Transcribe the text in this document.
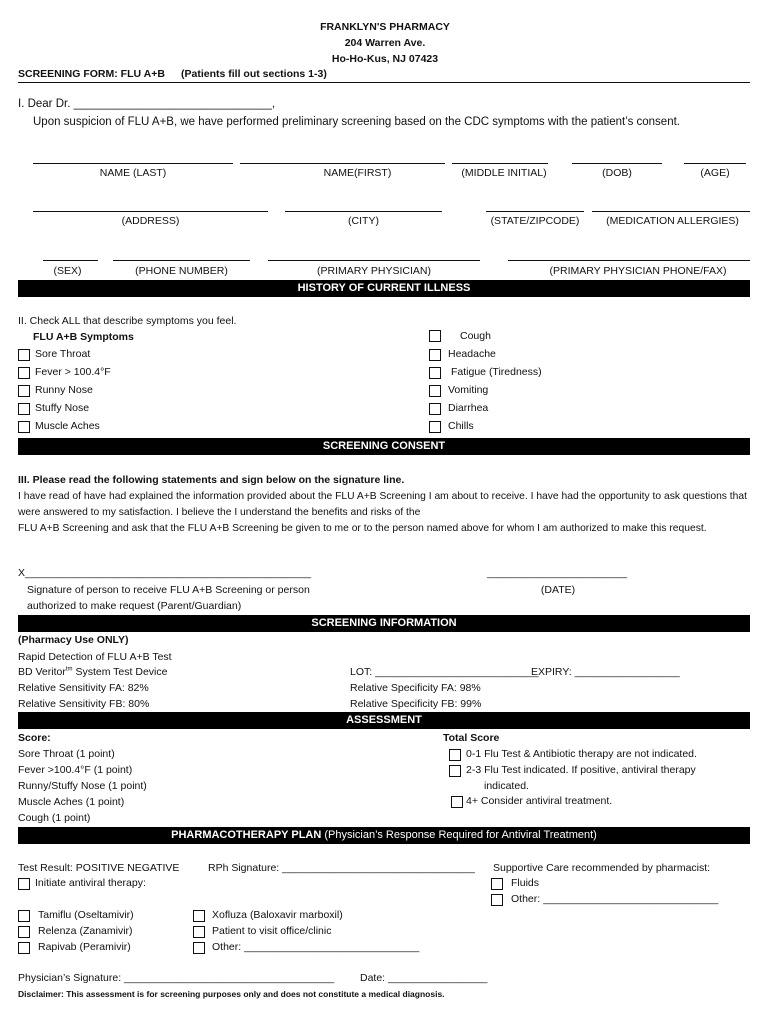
FRANKLYN'S PHARMACY
204 Warren Ave.
Ho-Ho-Kus, NJ 07423
SCREENING FORM: FLU A+B (Patients fill out sections 1-3)
I. Dear Dr. _______________________________,
Upon suspicion of FLU A+B, we have performed preliminary screening based on the CDC symptoms with the patient’s consent.
NAME (LAST)	NAME(FIRST)	(MIDDLE INITIAL)	(DOB)	(AGE)
(ADDRESS)	(CITY)	(STATE/ZIPCODE)	(MEDICATION ALLERGIES)
(SEX)	(PHONE NUMBER)	(PRIMARY PHYSICIAN)	(PRIMARY PHYSICIAN PHONE/FAX)
HISTORY OF CURRENT ILLNESS
II. Check ALL that describe symptoms you feel.
FLU A+B Symptoms
Sore Throat
Fever > 100.4°F
Runny Nose
Stuffy Nose
Muscle Aches
Cough
Headache
Fatigue (Tiredness)
Vomiting
Diarrhea
Chills
SCREENING CONSENT
III. Please read the following statements and sign below on the signature line.
I have read of have had explained the information provided about the FLU A+B Screening I am about to receive. I have had the opportunity to ask questions that were answered to my satisfaction. I believe the I understand the benefits and risks of the
FLU A+B Screening and ask that the FLU A+B Screening be given to me or to the person named above for whom I am authorized to make this request.
X_________________________________________________	________________________
Signature of person to receive FLU A+B Screening or person
authorized to make request (Parent/Guardian)
(DATE)
SCREENING INFORMATION
(Pharmacy Use ONLY)
Rapid Detection of FLU A+B Test
BD Veritor$^{tm}$ System Test Device
Relative Sensitivity FA: 82%
Relative Sensitivity FB: 80%
LOT: ____________________________
EXPIRY: __________________
Relative Specificity FA: 98%
Relative Specificity FB: 99%
ASSESSMENT
Score:
Sore Throat (1 point)
Fever >100.4°F (1 point)
Runny/Stuffy Nose (1 point)
Muscle Aches (1 point)
Cough (1 point)
Total Score
0-1 Flu Test & Antibiotic therapy are not indicated.
2-3 Flu Test indicated. If positive, antiviral therapy
indicated.
4+ Consider antiviral treatment.
PHARMACOTHERAPY PLAN (Physician’s Response Required for Antiviral Treatment)
Test Result: POSITIVE NEGATIVE	RPh Signature: _________________________________
Initiate antiviral therapy:
Supportive Care recommended by pharmacist:
Fluids
Other: ______________________________
Tamiflu (Oseltamivir)
Relenza (Zanamivir)
Rapivab (Peramivir)
Xofluza (Baloxavir marboxil)
Patient to visit office/clinic
Other: ______________________________
Physician’s Signature: ____________________________________ Date: _________________
Disclaimer: This assessment is for screening purposes only and does not constitute a medical diagnosis.
